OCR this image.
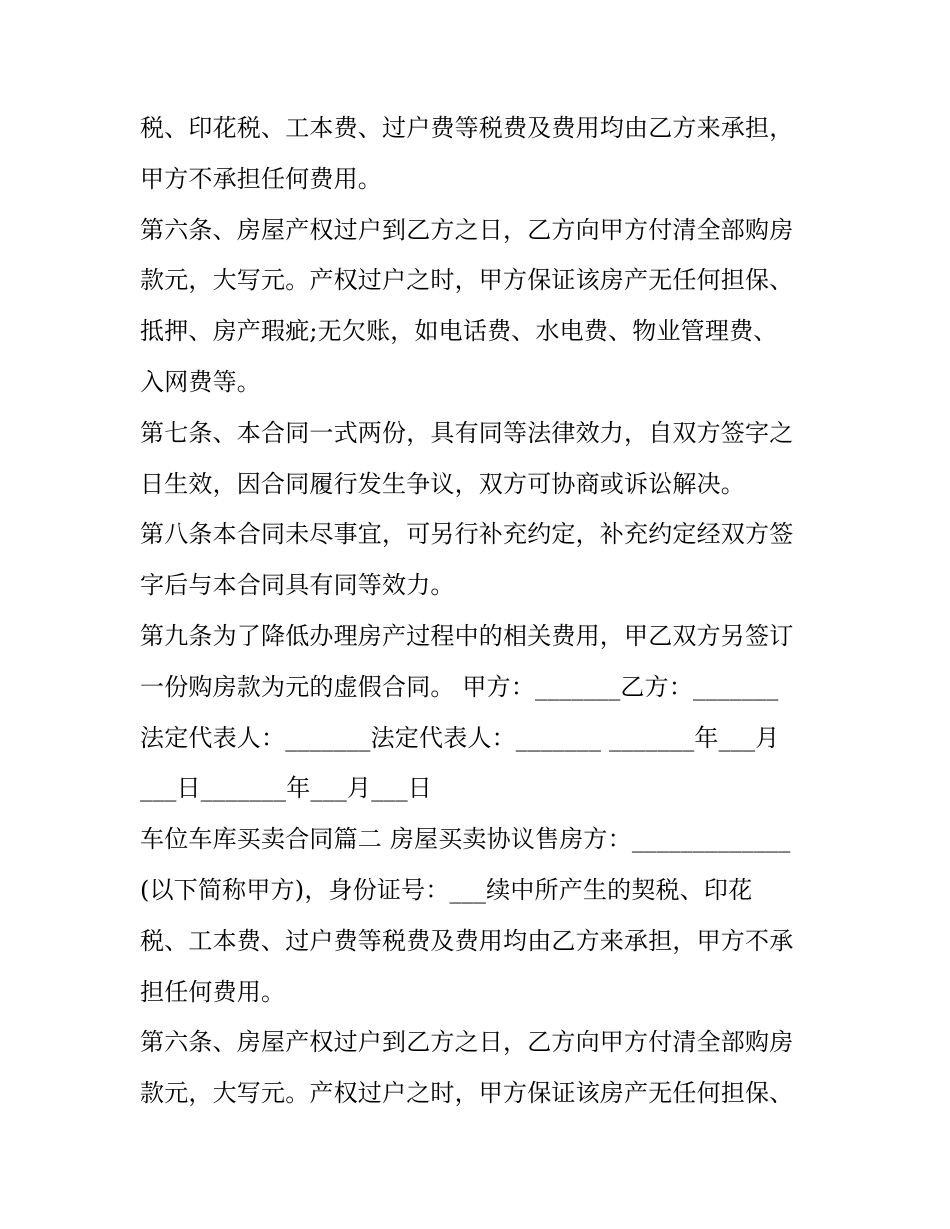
税、印花税、工本费、过户费等税费及费用均由乙方来承担，
甲方不承担任何费用。
第六条、房屋产权过户到乙方之日，乙方向甲方付清全部购房
款元，大写元。产权过户之时，甲方保证该房产无任何担保、
抵押、房产瑕疵;无欠账，如电话费、水电费、物业管理费、
入网费等。
第七条、本合同一式两份，具有同等法律效力，自双方签字之
日生效，因合同履行发生争议，双方可协商或诉讼解决。
第八条本合同未尽事宜，可另行补充约定，补充约定经双方签
字后与本合同具有同等效力。
第九条为了降低办理房产过程中的相关费用，甲乙双方另签订
一份购房款为元的虚假合同。 甲方：_______乙方：_______
法定代表人：_______法定代表人：_______ _______年___月
___日_______年___月___日
车位车库买卖合同篇二 房屋买卖协议售房方：_____________
(以下简称甲方)，身份证号：___续中所产生的契税、印花
税、工本费、过户费等税费及费用均由乙方来承担，甲方不承
担任何费用。
第六条、房屋产权过户到乙方之日，乙方向甲方付清全部购房
款元，大写元。产权过户之时，甲方保证该房产无任何担保、
